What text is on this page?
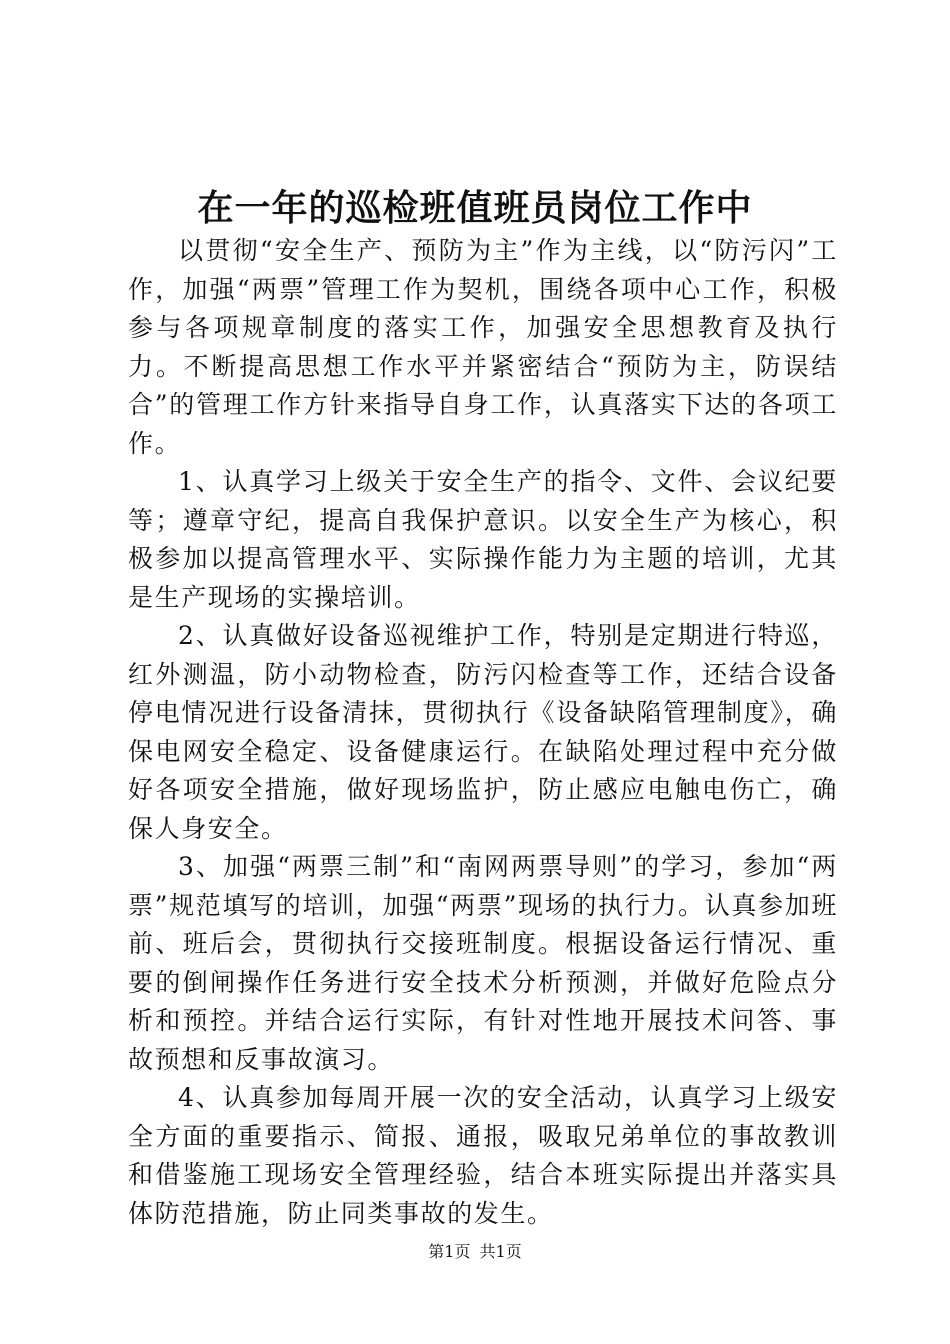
在一年的巡检班值班员岗位工作中

以贯彻“安全生产、预防为主”作为主线，以“防污闪”工作，加强“两票”管理工作为契机，围绕各项中心工作，积极参与各项规章制度的落实工作，加强安全思想教育及执行力。不断提高思想工作水平并紧密结合“预防为主，防误结合”的管理工作方针来指导自身工作，认真落实下达的各项工作。

1、认真学习上级关于安全生产的指令、文件、会议纪要等；遵章守纪，提高自我保护意识。以安全生产为核心，积极参加以提高管理水平、实际操作能力为主题的培训，尤其是生产现场的实操培训。

2、认真做好设备巡视维护工作，特别是定期进行特巡，红外测温，防小动物检查，防污闪检查等工作，还结合设备停电情况进行设备清抹，贯彻执行《设备缺陷管理制度》，确保电网安全稳定、设备健康运行。在缺陷处理过程中充分做好各项安全措施，做好现场监护，防止感应电触电伤亡，确保人身安全。

3、加强“两票三制”和“南网两票导则”的学习，参加“两票”规范填写的培训，加强“两票”现场的执行力。认真参加班前、班后会，贯彻执行交接班制度。根据设备运行情况、重要的倒闸操作任务进行安全技术分析预测，并做好危险点分析和预控。并结合运行实际，有针对性地开展技术问答、事故预想和反事故演习。

4、认真参加每周开展一次的安全活动，认真学习上级安全方面的重要指示、简报、通报，吸取兄弟单位的事故教训和借鉴施工现场安全管理经验，结合本班实际提出并落实具体防范措施，防止同类事故的发生。

第1页 共1页
